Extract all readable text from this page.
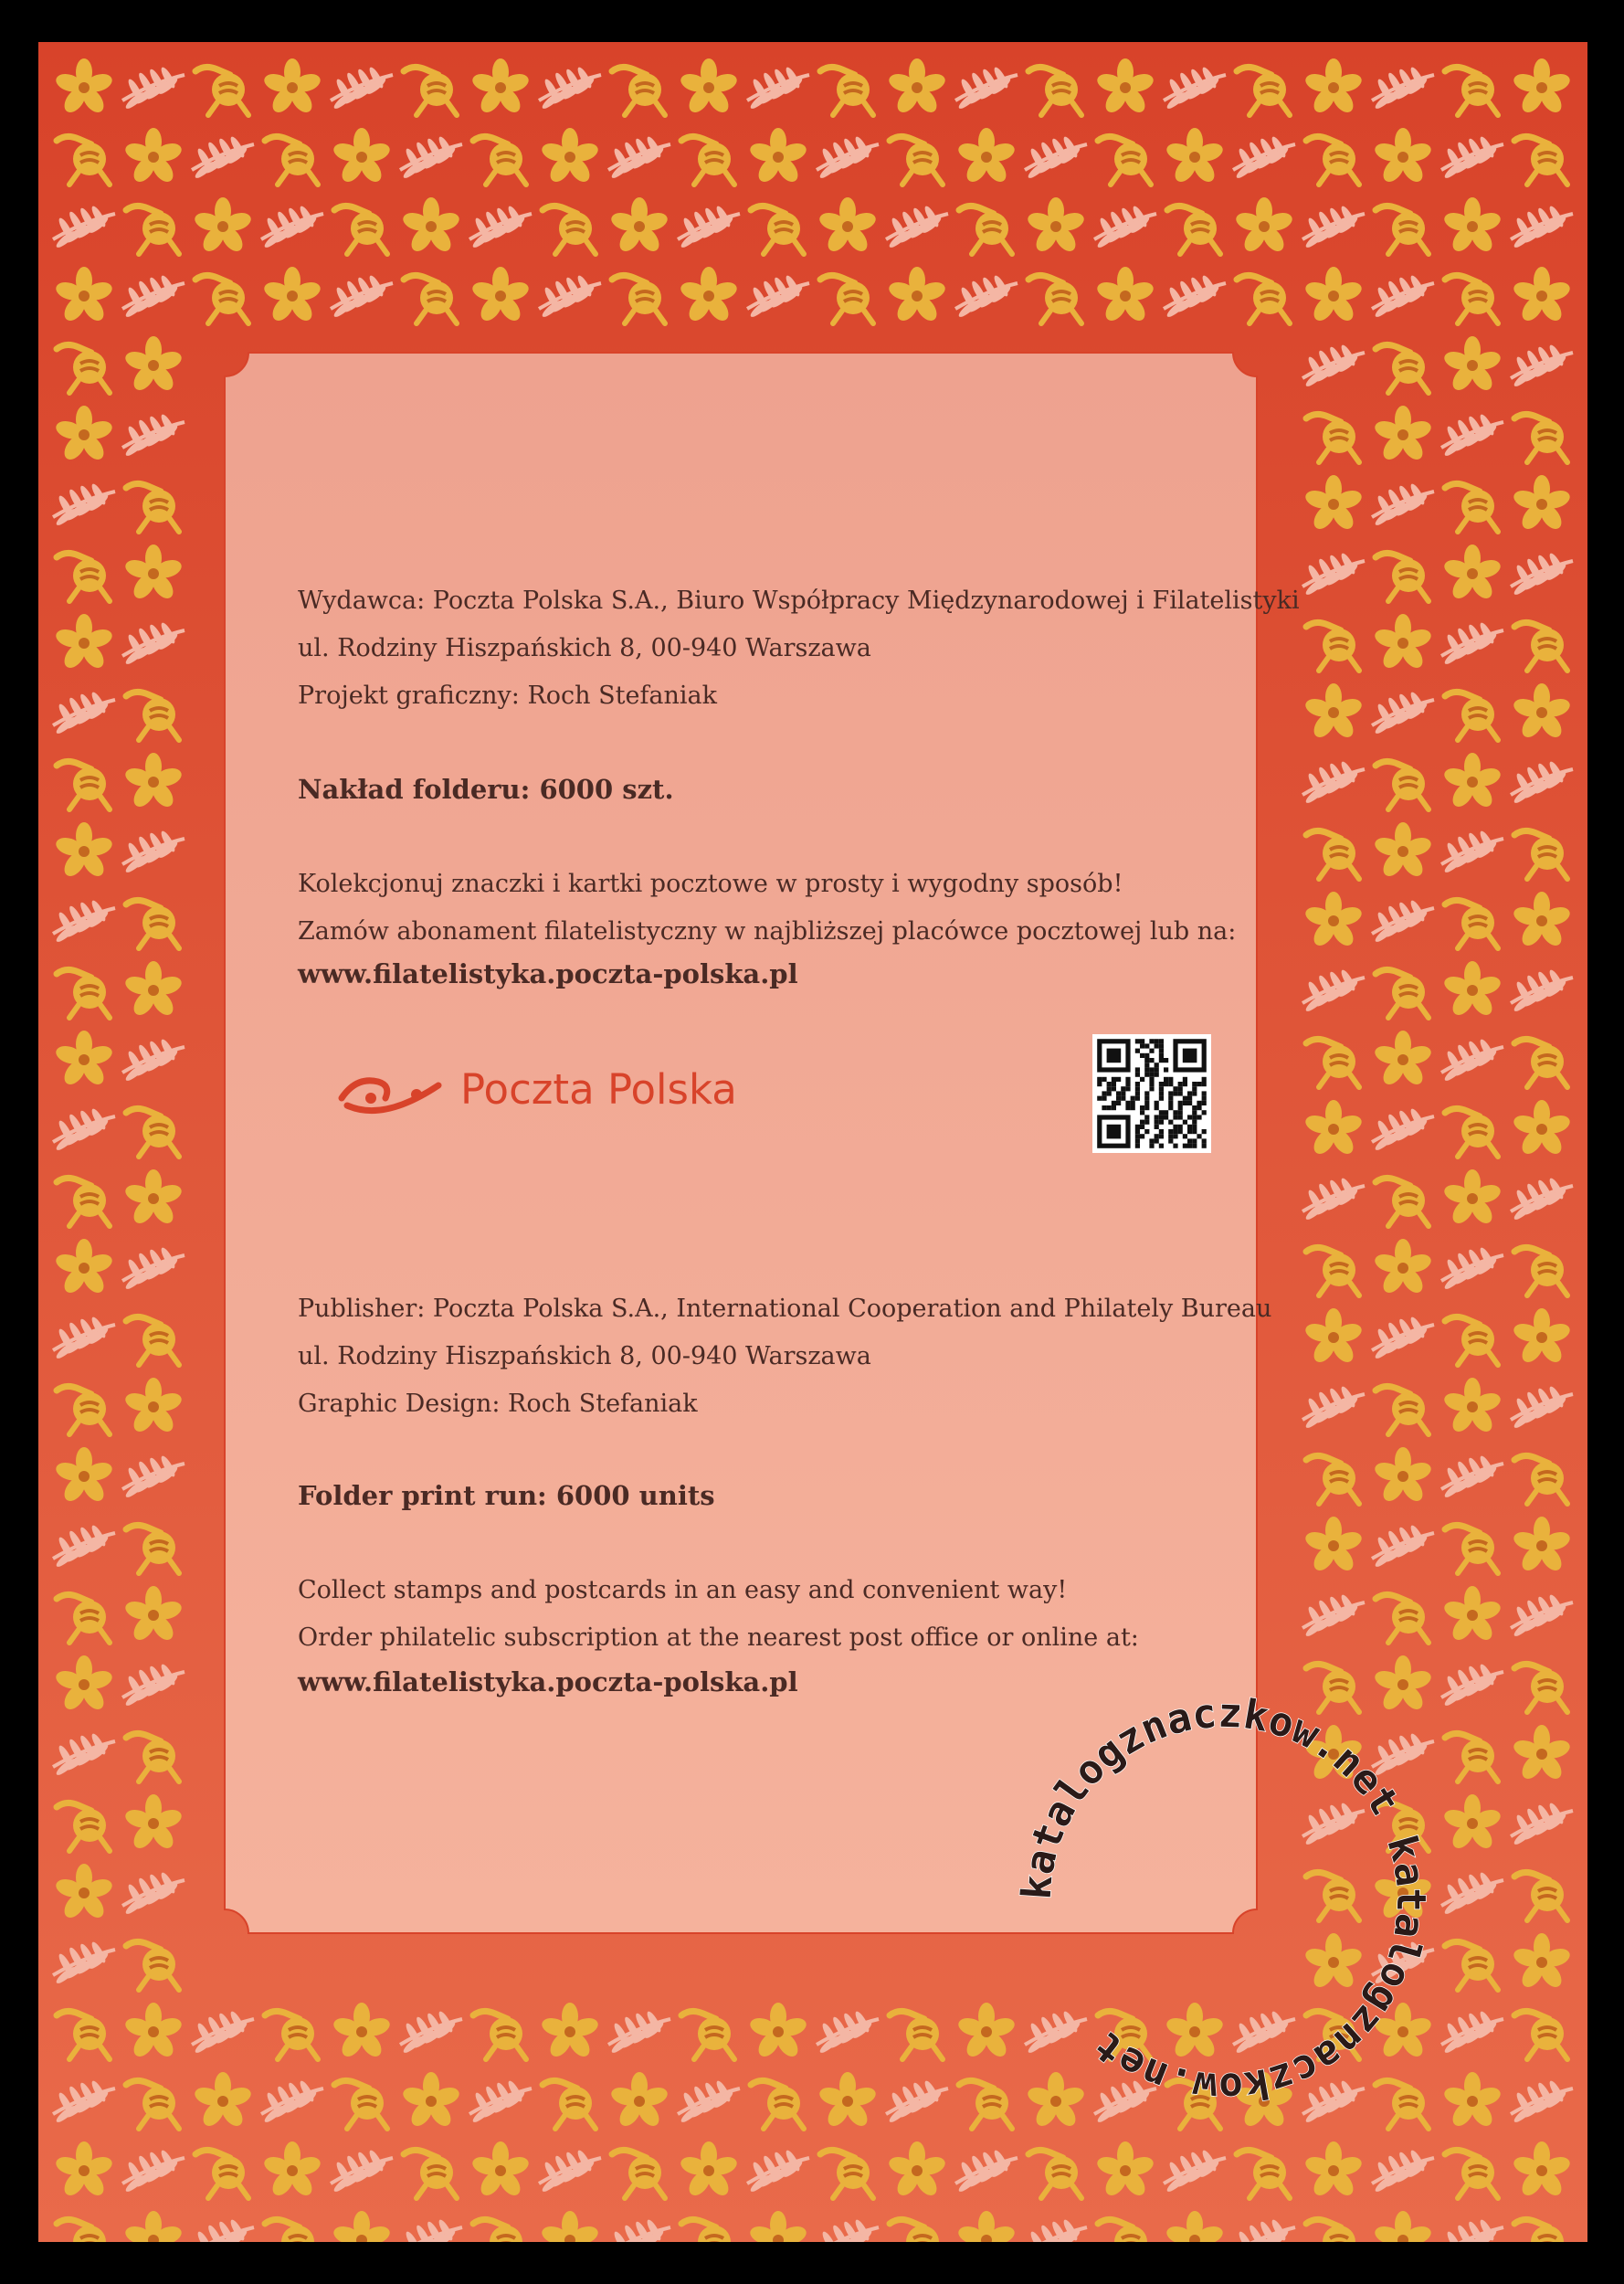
Wydawca: Poczta Polska S.A., Biuro Współpracy Międzynarodowej i Filatelistyki
ul. Rodziny Hiszpańskich 8, 00-940 Warszawa
Projekt graficzny: Roch Stefaniak
Nakład folderu: 6000 szt.
Kolekcjonuj znaczki i kartki pocztowe w prosty i wygodny sposób!
Zamów abonament filatelistyczny w najbliższej placówce pocztowej lub na:
www.filatelistyka.poczta-polska.pl
Poczta Polska
Publisher: Poczta Polska S.A., International Cooperation and Philately Bureau
ul. Rodziny Hiszpańskich 8, 00-940 Warszawa
Graphic Design: Roch Stefaniak
Folder print run: 6000 units
Collect stamps and postcards in an easy and convenient way!
Order philatelic subscription at the nearest post office or online at:
www.filatelistyka.poczta-polska.pl
katalogznaczkow.net katalogznaczkow.net
